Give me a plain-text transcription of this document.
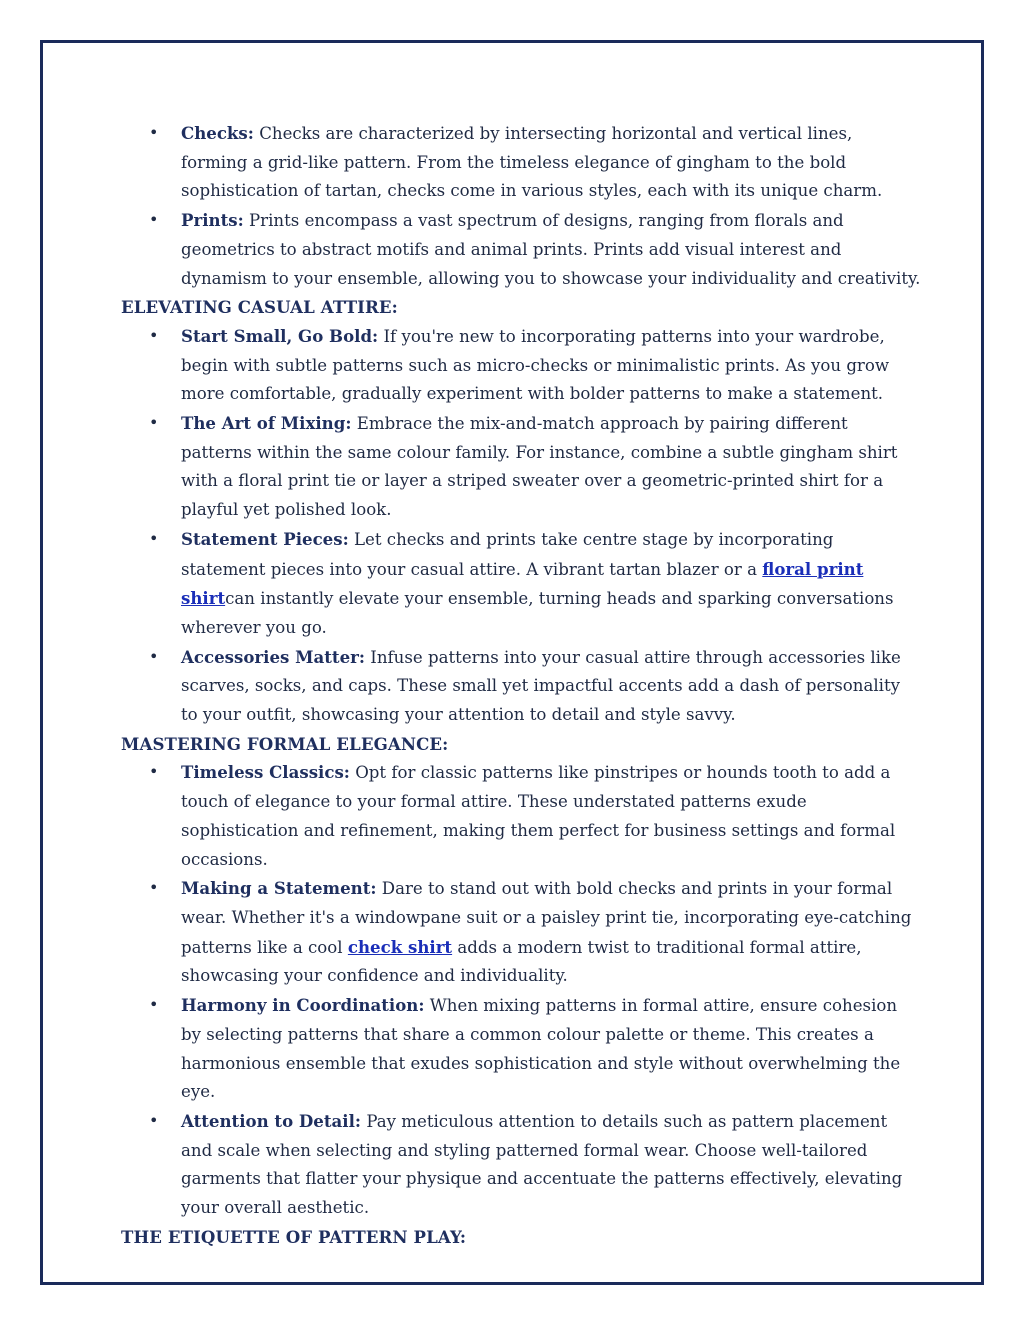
• Checks: Checks are characterized by intersecting horizontal and vertical lines, forming a grid-like pattern. From the timeless elegance of gingham to the bold sophistication of tartan, checks come in various styles, each with its unique charm.
• Prints: Prints encompass a vast spectrum of designs, ranging from florals and geometrics to abstract motifs and animal prints. Prints add visual interest and dynamism to your ensemble, allowing you to showcase your individuality and creativity.
ELEVATING CASUAL ATTIRE:
• Start Small, Go Bold: If you're new to incorporating patterns into your wardrobe, begin with subtle patterns such as micro-checks or minimalistic prints. As you grow more comfortable, gradually experiment with bolder patterns to make a statement.
• The Art of Mixing: Embrace the mix-and-match approach by pairing different patterns within the same colour family. For instance, combine a subtle gingham shirt with a floral print tie or layer a striped sweater over a geometric-printed shirt for a playful yet polished look.
• Statement Pieces: Let checks and prints take centre stage by incorporating statement pieces into your casual attire. A vibrant tartan blazer or a floral print shirtcan instantly elevate your ensemble, turning heads and sparking conversations wherever you go.
• Accessories Matter: Infuse patterns into your casual attire through accessories like scarves, socks, and caps. These small yet impactful accents add a dash of personality to your outfit, showcasing your attention to detail and style savvy.
MASTERING FORMAL ELEGANCE:
• Timeless Classics: Opt for classic patterns like pinstripes or hounds tooth to add a touch of elegance to your formal attire. These understated patterns exude sophistication and refinement, making them perfect for business settings and formal occasions.
• Making a Statement: Dare to stand out with bold checks and prints in your formal wear. Whether it's a windowpane suit or a paisley print tie, incorporating eye-catching patterns like a cool check shirt adds a modern twist to traditional formal attire, showcasing your confidence and individuality.
• Harmony in Coordination: When mixing patterns in formal attire, ensure cohesion by selecting patterns that share a common colour palette or theme. This creates a harmonious ensemble that exudes sophistication and style without overwhelming the eye.
• Attention to Detail: Pay meticulous attention to details such as pattern placement and scale when selecting and styling patterned formal wear. Choose well-tailored garments that flatter your physique and accentuate the patterns effectively, elevating your overall aesthetic.
THE ETIQUETTE OF PATTERN PLAY:
